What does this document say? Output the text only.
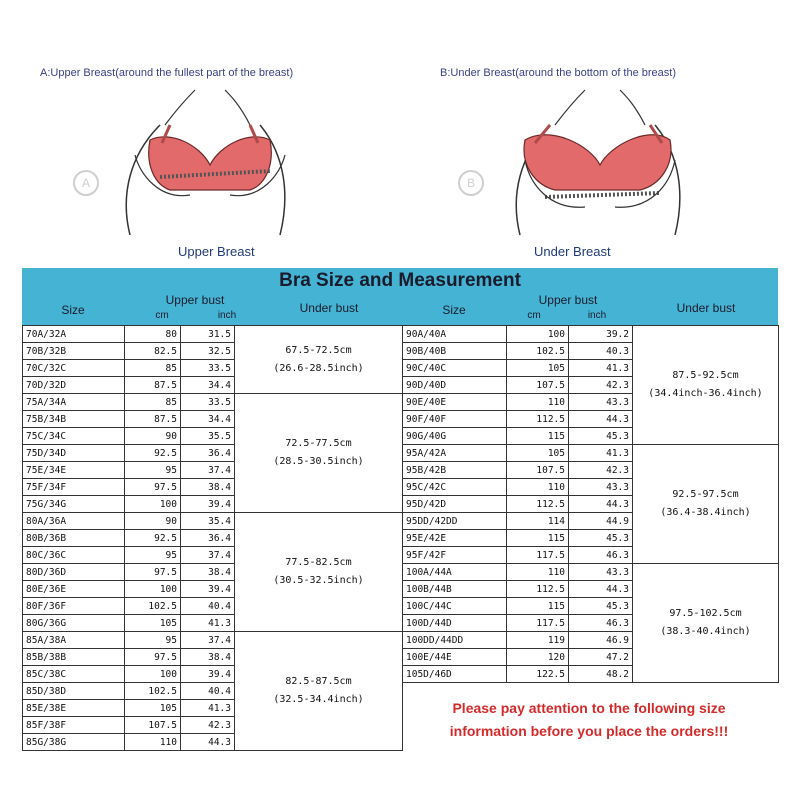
A:Upper Breast(around the fullest part of the breast)
A
Upper Breast
B:Under Breast(around the bottom of the breast)
B
Under Breast
Bra Size and Measurement
Size
Upper bust
cm	inch
Under bust	Size
Upper bust
cm	inch
Under bust
70A/32A	80	31.5	67.5-72.5cm
(26.6-28.5inch)

70B/32B	82.5	32.5	
70C/32C	85	33.5	
70D/32D	87.5	34.4	
75A/34A	85	33.5	72.5-77.5cm
(28.5-30.5inch)

75B/34B	87.5	34.4	
75C/34C	90	35.5	
75D/34D	92.5	36.4	
75E/34E	95	37.4	
75F/34F	97.5	38.4	
75G/34G	100	39.4	
80A/36A	90	35.4	77.5-82.5cm
(30.5-32.5inch)

80B/36B	92.5	36.4	
80C/36C	95	37.4	
80D/36D	97.5	38.4	
80E/36E	100	39.4	
80F/36F	102.5	40.4	
80G/36G	105	41.3	
85A/38A	95	37.4	82.5-87.5cm
(32.5-34.4inch)

85B/38B	97.5	38.4	
85C/38C	100	39.4	
85D/38D	102.5	40.4	
85E/38E	105	41.3	
85F/38F	107.5	42.3	
85G/38G	110	44.3	
90A/40A	100	39.2	87.5-92.5cm
(34.4inch-36.4inch)

90B/40B	102.5	40.3	
90C/40C	105	41.3	
90D/40D	107.5	42.3	
90E/40E	110	43.3	
90F/40F	112.5	44.3	
90G/40G	115	45.3	
95A/42A	105	41.3	92.5-97.5cm
(36.4-38.4inch)

95B/42B	107.5	42.3	
95C/42C	110	43.3	
95D/42D	112.5	44.3	
95DD/42DD	114	44.9	
95E/42E	115	45.3	
95F/42F	117.5	46.3	
100A/44A	110	43.3	97.5-102.5cm
(38.3-40.4inch)

100B/44B	112.5	44.3	
100C/44C	115	45.3	
100D/44D	117.5	46.3	
100DD/44DD	119	46.9	
100E/44E	120	47.2	
105D/46D	122.5	48.2	
Please pay attention to the following size
information before you place the orders!!!
